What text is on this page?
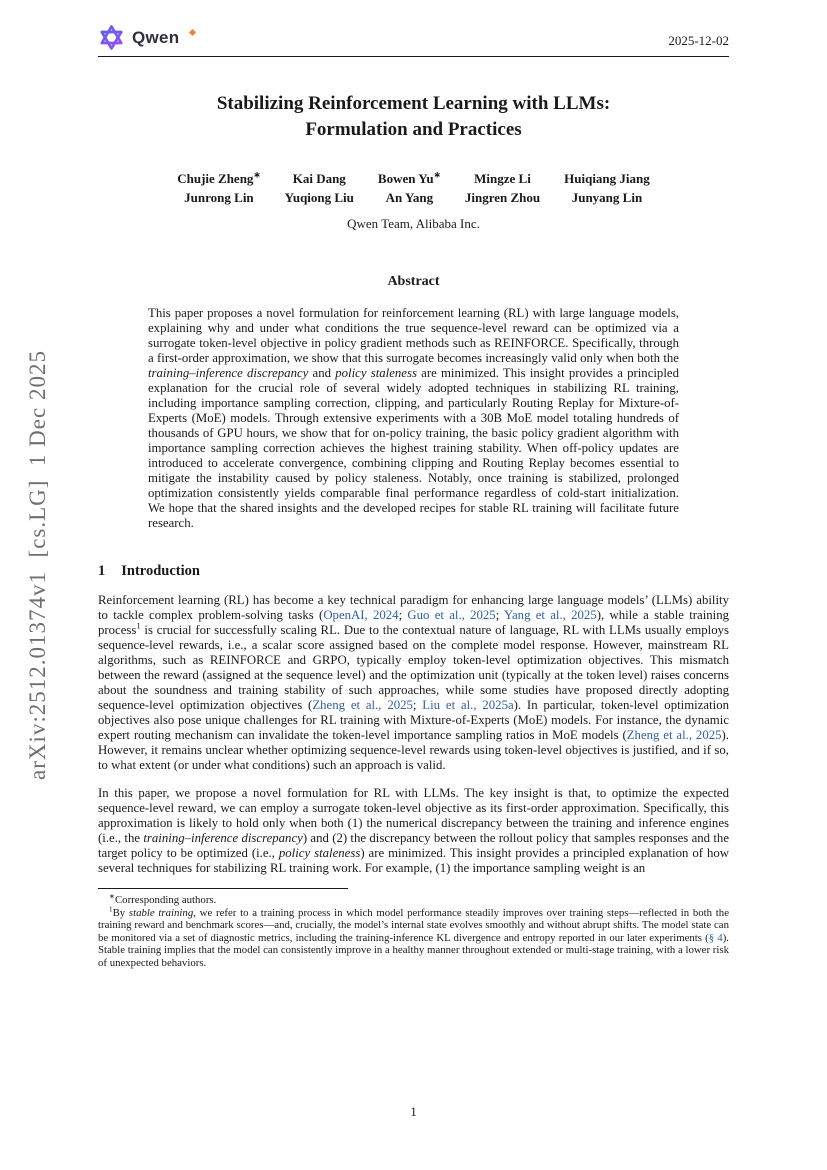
arXiv:2512.01374v1  [cs.LG]  1 Dec 2025
Qwen	2025-12-02
Stabilizing Reinforcement Learning with LLMs:
Formulation and Practices
Chujie Zheng∗
Junrong Lin
Kai Dang
Yuqiong Liu
Bowen Yu∗
An Yang
Mingze Li
Jingren Zhou
Huiqiang Jiang
Junyang Lin
Qwen Team, Alibaba Inc.
Abstract

This paper proposes a novel formulation for reinforcement learning (RL) with large language models, explaining why and under what conditions the true sequence-level reward can be optimized via a surrogate token-level objective in policy gradient methods such as REINFORCE. Specifically, through a first-order approximation, we show that this surrogate becomes increasingly valid only when both the training–inference discrepancy and policy staleness are minimized. This insight provides a principled explanation for the crucial role of several widely adopted techniques in stabilizing RL training, including importance sampling correction, clipping, and particularly Routing Replay for Mixture-of-Experts (MoE) models. Through extensive experiments with a 30B MoE model totaling hundreds of thousands of GPU hours, we show that for on-policy training, the basic policy gradient algorithm with importance sampling correction achieves the highest training stability. When off-policy updates are introduced to accelerate convergence, combining clipping and Routing Replay becomes essential to mitigate the instability caused by policy staleness. Notably, once training is stabilized, prolonged optimization consistently yields comparable final performance regardless of cold-start initialization. We hope that the shared insights and the developed recipes for stable RL training will facilitate future research.

1 Introduction

Reinforcement learning (RL) has become a key technical paradigm for enhancing large language models’ (LLMs) ability to tackle complex problem-solving tasks (OpenAI, 2024; Guo et al., 2025; Yang et al., 2025), while a stable training process$^1$ is crucial for successfully scaling RL. Due to the contextual nature of language, RL with LLMs usually employs sequence-level rewards, i.e., a scalar score assigned based on the complete model response. However, mainstream RL algorithms, such as REINFORCE and GRPO, typically employ token-level optimization objectives. This mismatch between the reward (assigned at the sequence level) and the optimization unit (typically at the token level) raises concerns about the soundness and training stability of such approaches, while some studies have proposed directly adopting sequence-level optimization objectives (Zheng et al., 2025; Liu et al., 2025a). In particular, token-level optimization objectives also pose unique challenges for RL training with Mixture-of-Experts (MoE) models. For instance, the dynamic expert routing mechanism can invalidate the token-level importance sampling ratios in MoE models (Zheng et al., 2025). However, it remains unclear whether optimizing sequence-level rewards using token-level objectives is justified, and if so, to what extent (or under what conditions) such an approach is valid.

In this paper, we propose a novel formulation for RL with LLMs. The key insight is that, to optimize the expected sequence-level reward, we can employ a surrogate token-level objective as its first-order approximation. Specifically, this approximation is likely to hold only when both (1) the numerical discrepancy between the training and inference engines (i.e., the training–inference discrepancy) and (2) the discrepancy between the rollout policy that samples responses and the target policy to be optimized (i.e., policy staleness) are minimized. This insight provides a principled explanation of how several techniques for stabilizing RL training work. For example, (1) the importance sampling weight is an

∗Corresponding authors.

$^1$By stable training, we refer to a training process in which model performance steadily improves over training steps—reflected in both the training reward and benchmark scores—and, crucially, the model’s internal state evolves smoothly and without abrupt shifts. The model state can be monitored via a set of diagnostic metrics, including the training-inference KL divergence and entropy reported in our later experiments (§ 4). Stable training implies that the model can consistently improve in a healthy manner throughout extended or multi-stage training, with a lower risk of unexpected behaviors.

1
